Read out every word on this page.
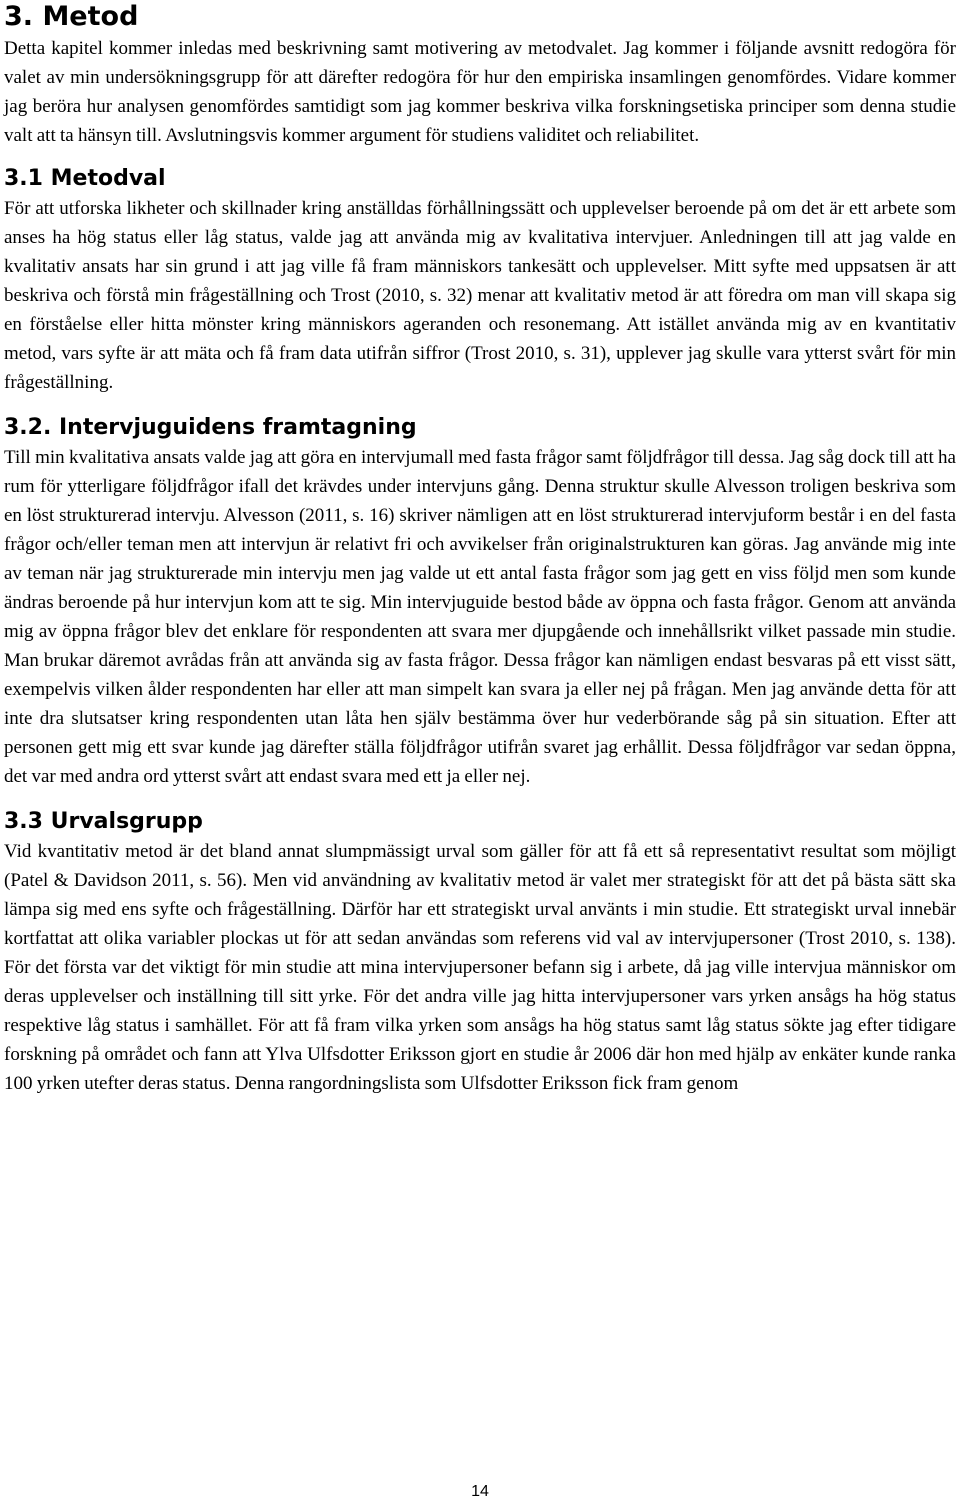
3. Metod

Detta kapitel kommer inledas med beskrivning samt motivering av metodvalet. Jag kommer i följande avsnitt redogöra för valet av min undersökningsgrupp för att därefter redogöra för hur den empiriska insamlingen genomfördes. Vidare kommer jag beröra hur analysen genomfördes samtidigt som jag kommer beskriva vilka forskningsetiska principer som denna studie valt att ta hänsyn till. Avslutningsvis kommer argument för studiens validitet och reliabilitet.

3.1 Metodval

För att utforska likheter och skillnader kring anställdas förhållningssätt och upplevelser beroende på om det är ett arbete som anses ha hög status eller låg status, valde jag att använda mig av kvalitativa intervjuer. Anledningen till att jag valde en kvalitativ ansats har sin grund i att jag ville få fram människors tankesätt och upplevelser. Mitt syfte med uppsatsen är att beskriva och förstå min frågeställning och Trost (2010, s. 32) menar att kvalitativ metod är att föredra om man vill skapa sig en förståelse eller hitta mönster kring människors ageranden och resonemang. Att istället använda mig av en kvantitativ metod, vars syfte är att mäta och få fram data utifrån siffror (Trost 2010, s. 31), upplever jag skulle vara ytterst svårt för min frågeställning.

3.2. Intervjuguidens framtagning

Till min kvalitativa ansats valde jag att göra en intervjumall med fasta frågor samt följdfrågor till dessa. Jag såg dock till att ha rum för ytterligare följdfrågor ifall det krävdes under intervjuns gång. Denna struktur skulle Alvesson troligen beskriva som en löst strukturerad intervju. Alvesson (2011, s. 16) skriver nämligen att en löst strukturerad intervjuform består i en del fasta frågor och/eller teman men att intervjun är relativt fri och avvikelser från originalstrukturen kan göras. Jag använde mig inte av teman när jag strukturerade min intervju men jag valde ut ett antal fasta frågor som jag gett en viss följd men som kunde ändras beroende på hur intervjun kom att te sig. Min intervjuguide bestod både av öppna och fasta frågor. Genom att använda mig av öppna frågor blev det enklare för respondenten att svara mer djupgående och innehållsrikt vilket passade min studie. Man brukar däremot avrådas från att använda sig av fasta frågor. Dessa frågor kan nämligen endast besvaras på ett visst sätt, exempelvis vilken ålder respondenten har eller att man simpelt kan svara ja eller nej på frågan. Men jag använde detta för att inte dra slutsatser kring respondenten utan låta hen själv bestämma över hur vederbörande såg på sin situation. Efter att personen gett mig ett svar kunde jag därefter ställa följdfrågor utifrån svaret jag erhållit. Dessa följdfrågor var sedan öppna, det var med andra ord ytterst svårt att endast svara med ett ja eller nej.

3.3 Urvalsgrupp

Vid kvantitativ metod är det bland annat slumpmässigt urval som gäller för att få ett så representativt resultat som möjligt (Patel & Davidson 2011, s. 56). Men vid användning av kvalitativ metod är valet mer strategiskt för att det på bästa sätt ska lämpa sig med ens syfte och frågeställning. Därför har ett strategiskt urval använts i min studie. Ett strategiskt urval innebär kortfattat att olika variabler plockas ut för att sedan användas som referens vid val av intervjupersoner (Trost 2010, s. 138). För det första var det viktigt för min studie att mina intervjupersoner befann sig i arbete, då jag ville intervjua människor om deras upplevelser och inställning till sitt yrke. För det andra ville jag hitta intervjupersoner vars yrken ansågs ha hög status respektive låg status i samhället. För att få fram vilka yrken som ansågs ha hög status samt låg status sökte jag efter tidigare forskning på området och fann att Ylva Ulfsdotter Eriksson gjort en studie år 2006 där hon med hjälp av enkäter kunde ranka 100 yrken utefter deras status. Denna rangordningslista som Ulfsdotter Eriksson fick fram genom

14
